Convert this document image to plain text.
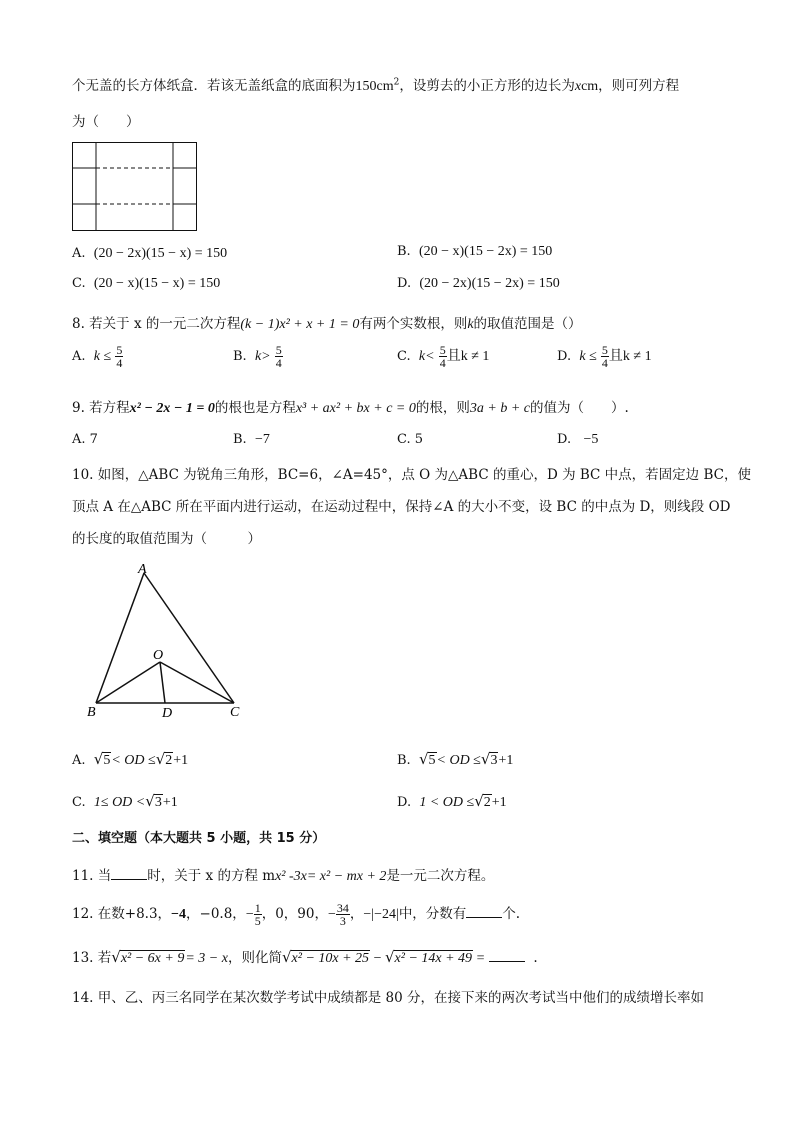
个无盖的长方体纸盒．若该无盖纸盒的底面积为$150cm^2$，设剪去的小正方形的边长为xcm，则可列方程
为（　　）
A. (20 − 2x)(15 − x) = 150	B. (20 − x)(15 − 2x) = 150
C. (20 − x)(15 − x) = 150	D. (20 − 2x)(15 − 2x) = 150
8. 若关于 x 的一元二次方程(k − 1)x² + x + 1 = 0有两个实数根，则k的取值范围是（）
A. $k \le \frac{5}{4}$	B. $k> \frac{5}{4}$	C. $k< \frac{5}{4}$ 且k ≠ 1	D. $k \le \frac{5}{4}$ 且k ≠ 1
9. 若方程x² − 2x − 1 = 0的根也是方程x³ + ax² + bx + c = 0的根，则3a + b + c的值为（　　）.
A. 7	B. −7	C. 5	D. −5
10. 如图，△ABC 为锐角三角形，BC=6，∠A=45°，点 O 为△ABC 的重心，D 为 BC 中点，若固定边 BC，使
顶点 A 在△ABC 所在平面内进行运动，在运动过程中，保持∠A 的大小不变，设 BC 的中点为 D，则线段 OD
的长度的取值范围为（　　　）
A
O
B	D	C
A. √5< OD ≤√2+1	B. √5< OD ≤√3+1
C. 1≤ OD <√3+1	D. 1 < OD ≤√2+1
二、填空题（本大题共 5 小题，共 15 分）
11. 当	时，关于 x 的方程 mx² -3x= x² − mx + 2是一元二次方程。
12. 在数+8.3，−4，−0.8，− $\frac{1}{5}$ ，0，90，− $\frac{34}{3}$ ，−|−24|中，分数有	个.
13. 若√x² − 6x + 9= 3 − x，则化简√x² − 10x + 25 − √x² − 14x + 49 =	.
14. 甲、乙、丙三名同学在某次数学考试中成绩都是 80 分，在接下来的两次考试当中他们的成绩增长率如
